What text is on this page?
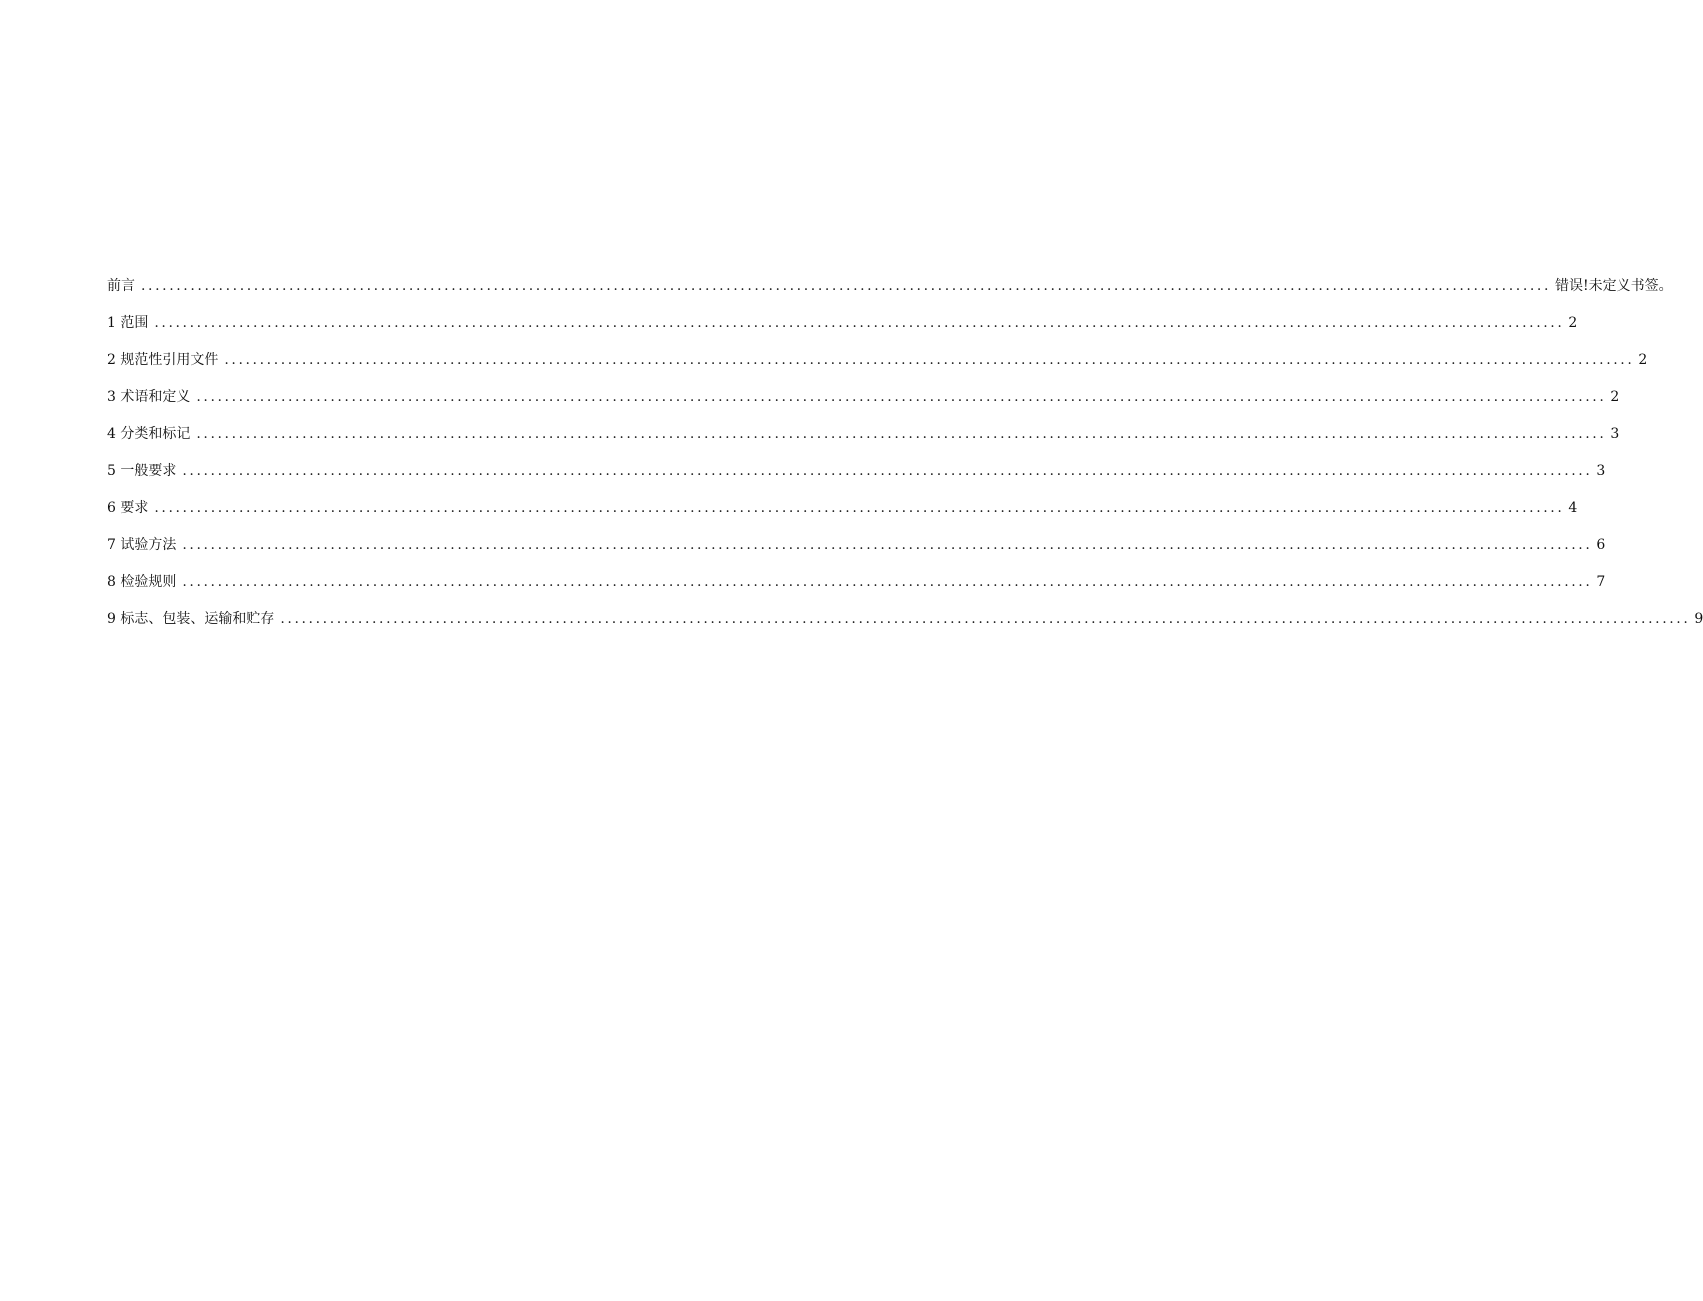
前言 ........................................................................................................................................................................................................ 错误!未定义书签。
1 范围 ........................................................................................................................................................................................................ 2
2 规范性引用文件 ........................................................................................................................................................................................................ 2
3 术语和定义 ........................................................................................................................................................................................................ 2
4 分类和标记 ........................................................................................................................................................................................................ 3
5 一般要求 ........................................................................................................................................................................................................ 3
6 要求 ........................................................................................................................................................................................................ 4
7 试验方法 ........................................................................................................................................................................................................ 6
8 检验规则 ........................................................................................................................................................................................................ 7
9 标志、包装、运输和贮存 ........................................................................................................................................................................................................ 9
